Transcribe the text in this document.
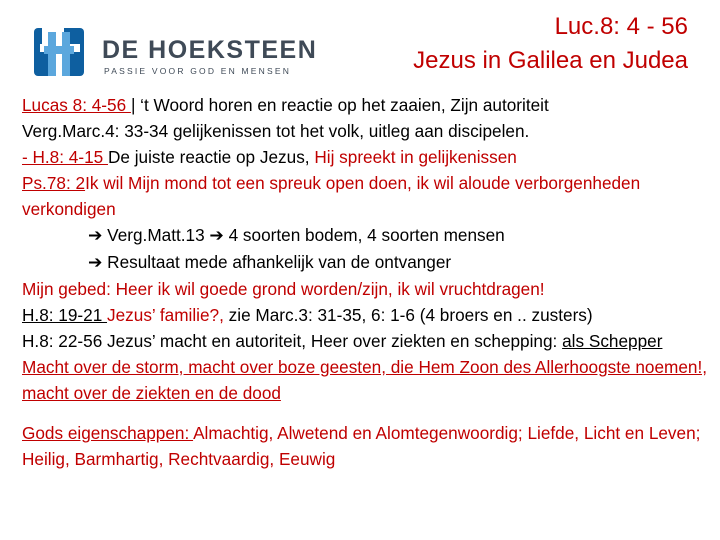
DE HOEKSTEEN
PASSIE VOOR GOD EN MENSEN
Luc.8: 4 - 56
Jezus in Galilea en Judea
Lucas 8: 4-56 | ‘t Woord horen en reactie op het zaaien, Zijn autoriteit
Verg.Marc.4: 33-34 gelijkenissen tot het volk, uitleg aan discipelen.
- H.8: 4-15 De juiste reactie op Jezus, Hij spreekt in gelijkenissen
Ps.78: 2Ik wil Mijn mond tot een spreuk open doen, ik wil aloude verborgenheden verkondigen
➔ Verg.Matt.13 ➔ 4 soorten bodem, 4 soorten mensen
➔ Resultaat mede afhankelijk van de ontvanger
Mijn gebed: Heer ik wil goede grond worden/zijn, ik wil vruchtdragen!
H.8: 19-21 Jezus’ familie?, zie Marc.3: 31-35, 6: 1-6 (4 broers en .. zusters)
H.8: 22-56 Jezus’ macht en autoriteit, Heer over ziekten en schepping: als Schepper
Macht over de storm, macht over boze geesten, die Hem Zoon des Allerhoogste noemen!, macht over de ziekten en de dood
Gods eigenschappen: Almachtig, Alwetend en Alomtegenwoordig; Liefde, Licht en Leven; Heilig, Barmhartig, Rechtvaardig, Eeuwig
